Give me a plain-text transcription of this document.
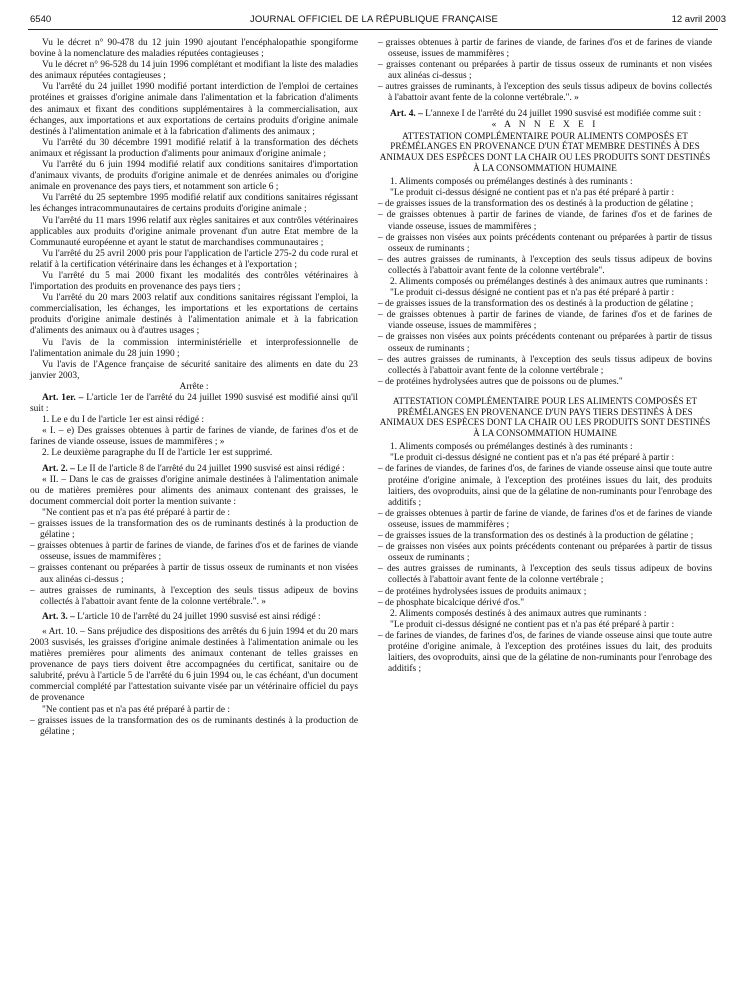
6540	JOURNAL OFFICIEL DE LA RÉPUBLIQUE FRANÇAISE	12 avril 2003

Vu le décret n° 90-478 du 12 juin 1990 ajoutant l'encéphalopathie spongiforme bovine à la nomenclature des maladies réputées contagieuses ;

Vu le décret n° 96-528 du 14 juin 1996 complétant et modifiant la liste des maladies des animaux réputées contagieuses ;

Vu l'arrêté du 24 juillet 1990 modifié portant interdiction de l'emploi de certaines protéines et graisses d'origine animale dans l'alimentation et la fabrication d'aliments des animaux et fixant des conditions supplémentaires à la commercialisation, aux échanges, aux importations et aux exportations de certains produits d'origine animale destinés à l'alimentation animale et à la fabrication d'aliments des animaux ;

Vu l'arrêté du 30 décembre 1991 modifié relatif à la transformation des déchets animaux et régissant la production d'aliments pour animaux d'origine animale ;

Vu l'arrêté du 6 juin 1994 modifié relatif aux conditions sanitaires d'importation d'animaux vivants, de produits d'origine animale et de denrées animales ou d'origine animale en provenance des pays tiers, et notamment son article 6 ;

Vu l'arrêté du 25 septembre 1995 modifié relatif aux conditions sanitaires régissant les échanges intracommunautaires de certains produits d'origine animale ;

Vu l'arrêté du 11 mars 1996 relatif aux règles sanitaires et aux contrôles vétérinaires applicables aux produits d'origine animale provenant d'un autre Etat membre de la Communauté européenne et ayant le statut de marchandises communautaires ;

Vu l'arrêté du 25 avril 2000 pris pour l'application de l'article 275-2 du code rural et relatif à la certification vétérinaire dans les échanges et à l'exportation ;

Vu l'arrêté du 5 mai 2000 fixant les modalités des contrôles vétérinaires à l'importation des produits en provenance des pays tiers ;

Vu l'arrêté du 20 mars 2003 relatif aux conditions sanitaires régissant l'emploi, la commercialisation, les échanges, les importations et les exportations de certains produits d'origine animale destinés à l'alimentation animale et à la fabrication d'aliments des animaux ou à d'autres usages ;

Vu l'avis de la commission interministérielle et interprofessionnelle de l'alimentation animale du 28 juin 1990 ;

Vu l'avis de l'Agence française de sécurité sanitaire des aliments en date du 23 janvier 2003,

Arrête :

Art. 1er. – L'article 1er de l'arrêté du 24 juillet 1990 susvisé est modifié ainsi qu'il suit :

1. Le e du I de l'article 1er est ainsi rédigé :

« I. – e) Des graisses obtenues à partir de farines de viande, de farines d'os et de farines de viande osseuse, issues de mammifères ; »

2. Le deuxième paragraphe du II de l'article 1er est supprimé.

Art. 2. – Le II de l'article 8 de l'arrêté du 24 juillet 1990 susvisé est ainsi rédigé :

« II. – Dans le cas de graisses d'origine animale destinées à l'alimentation animale ou de matières premières pour aliments des animaux contenant des graisses, le document commercial doit porter la mention suivante :

"Ne contient pas et n'a pas été préparé à partir de :

– graisses issues de la transformation des os de ruminants destinés à la production de gélatine ;

– graisses obtenues à partir de farines de viande, de farines d'os et de farines de viande osseuse, issues de mammifères ;

– graisses contenant ou préparées à partir de tissus osseux de ruminants et non visées aux alinéas ci-dessus ;

– autres graisses de ruminants, à l'exception des seuls tissus adipeux de bovins collectés à l'abattoir avant fente de la colonne vertébrale.". »

Art. 3. – L'article 10 de l'arrêté du 24 juillet 1990 susvisé est ainsi rédigé :

« Art. 10. – Sans préjudice des dispositions des arrêtés du 6 juin 1994 et du 20 mars 2003 susvisés, les graisses d'origine animale destinées à l'alimentation animale ou les matières premières pour aliments des animaux contenant de telles graisses en provenance de pays tiers doivent être accompagnées du certificat, sanitaire ou de salubrité, prévu à l'article 5 de l'arrêté du 6 juin 1994 ou, le cas échéant, d'un document commercial complété par l'attestation suivante visée par un vétérinaire officiel du pays de provenance

"Ne contient pas et n'a pas été préparé à partir de :

– graisses issues de la transformation des os de ruminants destinés à la production de gélatine ;

– graisses obtenues à partir de farines de viande, de farines d'os et de farines de viande osseuse, issues de mammifères ;

– graisses contenant ou préparées à partir de tissus osseux de ruminants et non visées aux alinéas ci-dessus ;

– autres graisses de ruminants, à l'exception des seuls tissus adipeux de bovins collectés à l'abattoir avant fente de la colonne vertébrale.". »

Art. 4. – L'annexe I de l'arrêté du 24 juillet 1990 susvisé est modifiée comme suit :

« A N N E X E I

ATTESTATION COMPLÉMENTAIRE POUR ALIMENTS COMPOSÉS ET PRÉMÉLANGES EN PROVENANCE D'UN ÉTAT MEMBRE DESTINÉS À DES ANIMAUX DES ESPÈCES DONT LA CHAIR OU LES PRODUITS SONT DESTINÉS À LA CONSOMMATION HUMAINE

1. Aliments composés ou prémélanges destinés à des ruminants :

"Le produit ci-dessus désigné ne contient pas et n'a pas été préparé à partir :

– de graisses issues de la transformation des os destinés à la production de gélatine ;

– de graisses obtenues à partir de farines de viande, de farines d'os et de farines de viande osseuse, issues de mammifères ;

– de graisses non visées aux points précédents contenant ou préparées à partir de tissus osseux de ruminants ;

– des autres graisses de ruminants, à l'exception des seuls tissus adipeux de bovins collectés à l'abattoir avant fente de la colonne vertébrale".

2. Aliments composés ou prémélanges destinés à des animaux autres que ruminants :

"Le produit ci-dessus désigné ne contient pas et n'a pas été préparé à partir :

– de graisses issues de la transformation des os destinés à la production de gélatine ;

– de graisses obtenues à partir de farines de viande, de farines d'os et de farines de viande osseuse, issues de mammifères ;

– de graisses non visées aux points précédents contenant ou préparées à partir de tissus osseux de ruminants ;

– des autres graisses de ruminants, à l'exception des seuls tissus adipeux de bovins collectés à l'abattoir avant fente de la colonne vertébrale ;

– de protéines hydrolysées autres que de poissons ou de plumes."

ATTESTATION COMPLÉMENTAIRE POUR LES ALIMENTS COMPOSÉS ET PRÉMÉLANGES EN PROVENANCE D'UN PAYS TIERS DESTINÉS À DES ANIMAUX DES ESPÈCES DONT LA CHAIR OU LES PRODUITS SONT DESTINÉS À LA CONSOMMATION HUMAINE

1. Aliments composés ou prémélanges destinés à des ruminants :

"Le produit ci-dessus désigné ne contient pas et n'a pas été préparé à partir :

– de farines de viandes, de farines d'os, de farines de viande osseuse ainsi que toute autre protéine d'origine animale, à l'exception des protéines issues du lait, des produits laitiers, des ovoproduits, ainsi que de la gélatine de non-ruminants pour l'enrobage des additifs ;

– de graisses obtenues à partir de farine de viande, de farines d'os et de farines de viande osseuse, issues de mammifères ;

– de graisses issues de la transformation des os destinés à la production de gélatine ;

– de graisses non visées aux points précédents contenant ou préparées à partir de tissus osseux de ruminants ;

– des autres graisses de ruminants, à l'exception des seuls tissus adipeux de bovins collectés à l'abattoir avant fente de la colonne vertébrale ;

– de protéines hydrolysées issues de produits animaux ;

– de phosphate bicalcique dérivé d'os."

2. Aliments composés destinés à des animaux autres que ruminants :

"Le produit ci-dessus désigné ne contient pas et n'a pas été préparé à partir :

– de farines de viandes, de farines d'os, de farines de viande osseuse ainsi que toute autre protéine d'origine animale, à l'exception des protéines issues du lait, des produits laitiers, des ovoproduits, ainsi que de la gélatine de non-ruminants pour l'enrobage des additifs ;
